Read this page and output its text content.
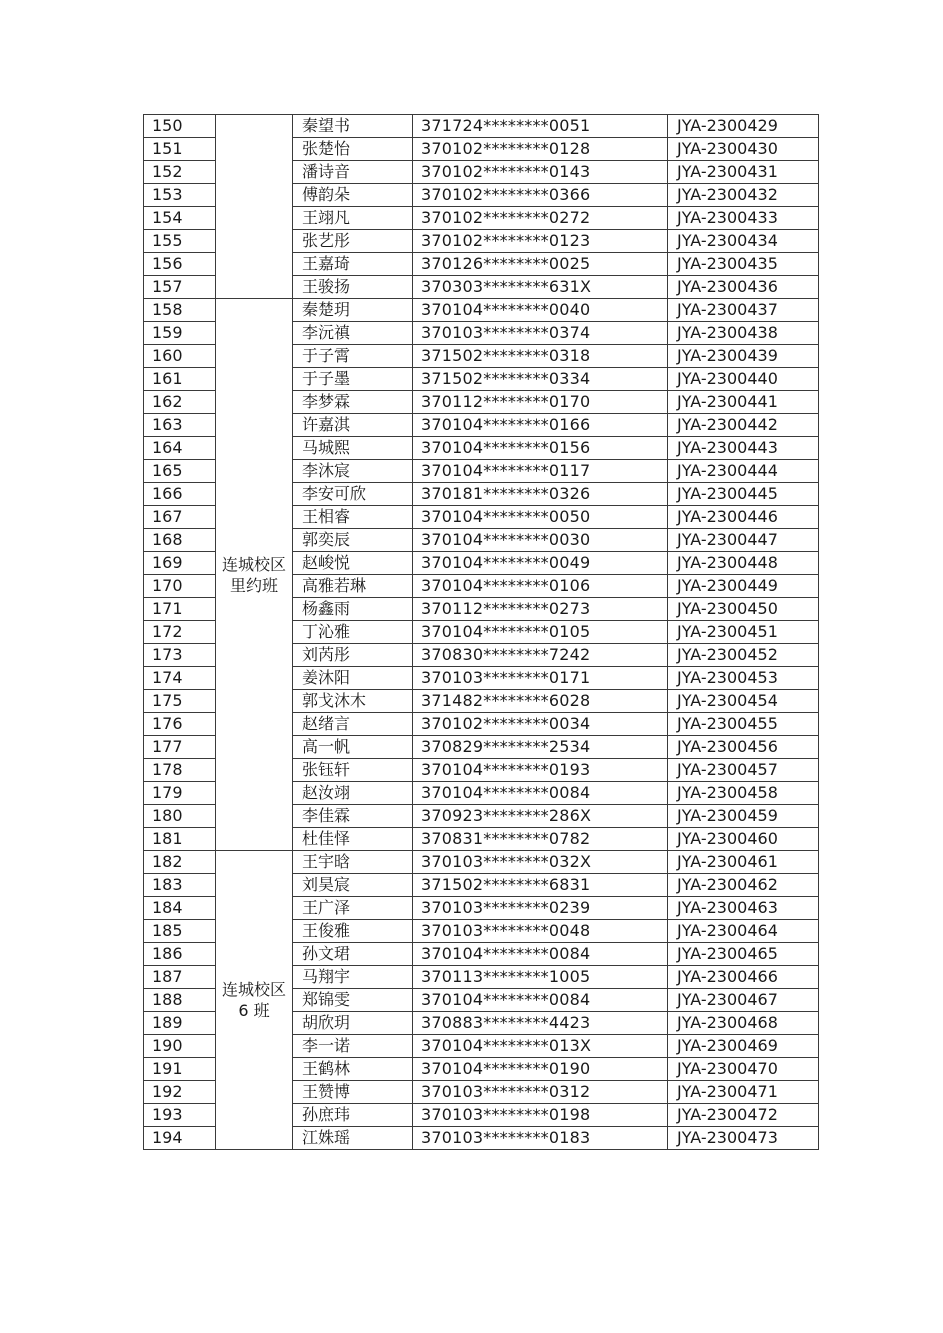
150		秦望书	371724********0051	JYA-2300429
151		张楚怡	370102********0128	JYA-2300430
152		潘诗音	370102********0143	JYA-2300431
153		傅韵朵	370102********0366	JYA-2300432
154		王翊凡	370102********0272	JYA-2300433
155		张艺彤	370102********0123	JYA-2300434
156		王嘉琦	370126********0025	JYA-2300435
157		王骏扬	370303********631X	JYA-2300436
158	连城校区里约班	秦楚玥	370104********0040	JYA-2300437
159		李沅禛	370103********0374	JYA-2300438
160		于子霄	371502********0318	JYA-2300439
161		于子墨	371502********0334	JYA-2300440
162		李梦霖	370112********0170	JYA-2300441
163		许嘉淇	370104********0166	JYA-2300442
164		马城熙	370104********0156	JYA-2300443
165		李沐宸	370104********0117	JYA-2300444
166		李安可欣	370181********0326	JYA-2300445
167		王相睿	370104********0050	JYA-2300446
168		郭奕辰	370104********0030	JYA-2300447
169		赵峻悦	370104********0049	JYA-2300448
170		高雅若琳	370104********0106	JYA-2300449
171		杨鑫雨	370112********0273	JYA-2300450
172		丁沁雅	370104********0105	JYA-2300451
173		刘芮彤	370830********7242	JYA-2300452
174		姜沐阳	370103********0171	JYA-2300453
175		郭戈沐木	371482********6028	JYA-2300454
176		赵绪言	370102********0034	JYA-2300455
177		高一帆	370829********2534	JYA-2300456
178		张钰轩	370104********0193	JYA-2300457
179		赵汝翊	370104********0084	JYA-2300458
180		李佳霖	370923********286X	JYA-2300459
181		杜佳怿	370831********0782	JYA-2300460
182	连城校区 6 班	王宇晗	370103********032X	JYA-2300461
183		刘昊宸	371502********6831	JYA-2300462
184		王广泽	370103********0239	JYA-2300463
185		王俊雅	370103********0048	JYA-2300464
186		孙文珺	370104********0084	JYA-2300465
187		马翔宇	370113********1005	JYA-2300466
188		郑锦雯	370104********0084	JYA-2300467
189		胡欣玥	370883********4423	JYA-2300468
190		李一诺	370104********013X	JYA-2300469
191		王鹤林	370104********0190	JYA-2300470
192		王赞博	370103********0312	JYA-2300471
193		孙庶玮	370103********0198	JYA-2300472
194		江姝瑶	370103********0183	JYA-2300473
